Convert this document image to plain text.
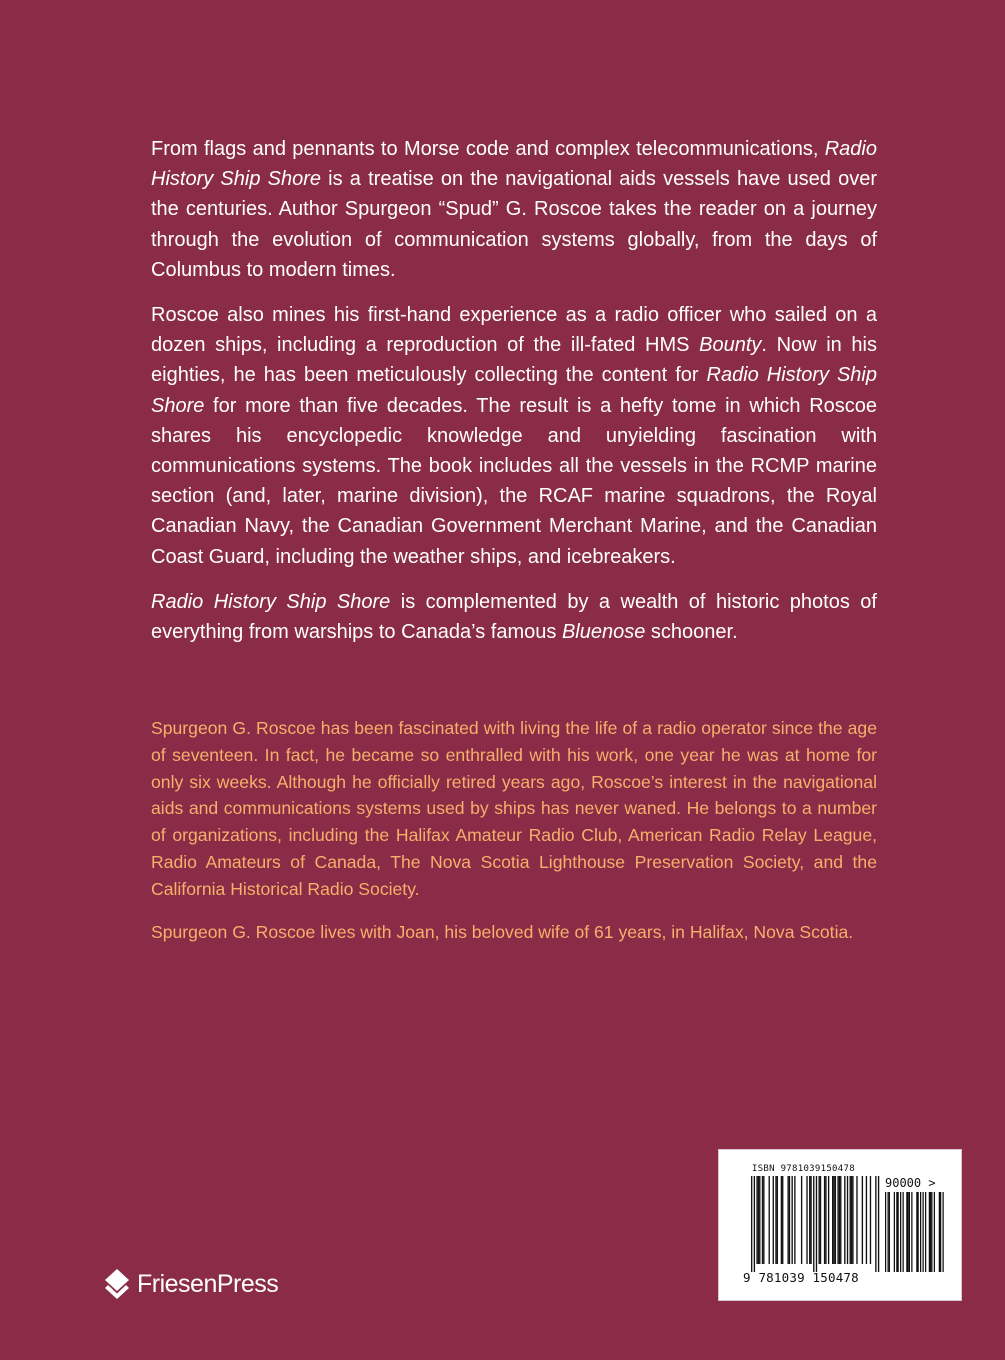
From flags and pennants to Morse code and complex telecommunications, Radio History Ship Shore is a treatise on the navigational aids vessels have used over the centuries. Author Spurgeon “Spud” G. Roscoe takes the reader on a journey through the evolution of communication systems globally, from the days of Columbus to modern times.

Roscoe also mines his first-hand experience as a radio officer who sailed on a dozen ships, including a reproduction of the ill-fated HMS Bounty. Now in his eighties, he has been meticulously collecting the content for Radio History Ship Shore for more than five decades. The result is a hefty tome in which Roscoe shares his encyclopedic knowledge and unyielding fascination with communications systems. The book includes all the vessels in the RCMP marine section (and, later, marine division), the RCAF marine squadrons, the Royal Canadian Navy, the Canadian Government Merchant Marine, and the Canadian Coast Guard, including the weather ships, and icebreakers.

Radio History Ship Shore is complemented by a wealth of historic photos of everything from warships to Canada’s famous Bluenose schooner.

Spurgeon G. Roscoe has been fascinated with living the life of a radio operator since the age of seventeen. In fact, he became so enthralled with his work, one year he was at home for only six weeks. Although he officially retired years ago, Roscoe’s interest in the navigational aids and communications systems used by ships has never waned. He belongs to a number of organizations, including the Halifax Amateur Radio Club, American Radio Relay League, Radio Amateurs of Canada, The Nova Scotia Lighthouse Preservation Society, and the California Historical Radio Society.

Spurgeon G. Roscoe lives with Joan, his beloved wife of 61 years, in Halifax, Nova Scotia.

FriesenPress
ISBN 9781039150478
90000 >
9 781039 150478
